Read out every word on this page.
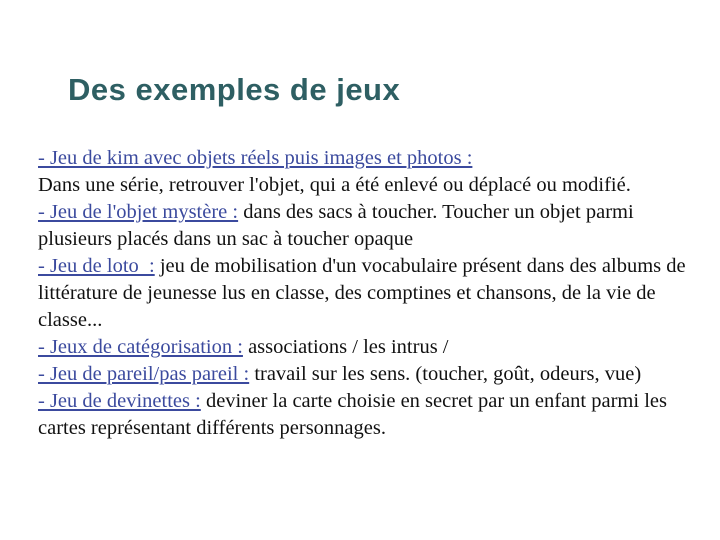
Des exemples de jeux

- Jeu de kim avec objets réels puis images et photos :
Dans une série, retrouver l'objet, qui a été enlevé ou déplacé ou modifié.

- Jeu de l'objet mystère : dans des sacs à toucher. Toucher un objet parmi plusieurs placés dans un sac à toucher opaque

- Jeu de loto  : jeu de mobilisation d'un vocabulaire présent dans des albums de littérature de jeunesse lus en classe, des comptines et chansons, de la vie de classe...

- Jeux de catégorisation : associations / les intrus /

- Jeu de pareil/pas pareil : travail sur les sens. (toucher, goût, odeurs, vue)

- Jeu de devinettes : deviner la carte choisie en secret par un enfant parmi les cartes représentant différents personnages.
